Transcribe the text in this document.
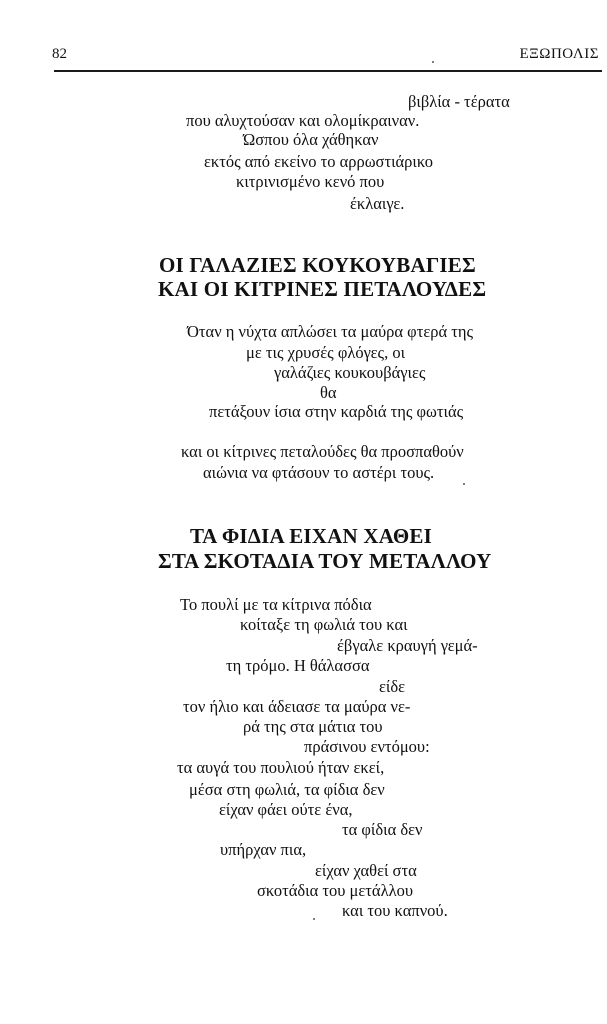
82	ΕΞΩΠΟΛΙΣ
βιβλία - τέρατα
που αλυχτούσαν και ολομίκραιναν.
Ώσπου όλα χάθηκαν
εκτός από εκείνο το αρρωστιάρικο
κιτρινισμένο κενό που
έκλαιγε.
ΟΙ ΓΑΛΑΖΙΕΣ ΚΟΥΚΟΥΒΑΓΙΕΣ
ΚΑΙ ΟΙ ΚΙΤΡΙΝΕΣ ΠΕΤΑΛΟΥΔΕΣ
Όταν η νύχτα απλώσει τα μαύρα φτερά της
με τις χρυσές φλόγες, οι
γαλάζιες κουκουβάγιες
θα
πετάξουν ίσια στην καρδιά της φωτιάς
και οι κίτρινες πεταλούδες θα προσπαθούν
αιώνια να φτάσουν το αστέρι τους.
ΤΑ ΦΙΔΙΑ ΕΙΧΑΝ ΧΑΘΕΙ
ΣΤΑ ΣΚΟΤΑΔΙΑ ΤΟΥ ΜΕΤΑΛΛΟΥ
Το πουλί με τα κίτρινα πόδια
κοίταξε τη φωλιά του και
έβγαλε κραυγή γεμά-
τη τρόμο. Η θάλασσα
είδε
τον ήλιο και άδειασε τα μαύρα νε-
ρά της στα μάτια του
πράσινου εντόμου:
τα αυγά του πουλιού ήταν εκεί,
μέσα στη φωλιά, τα φίδια δεν
είχαν φάει ούτε ένα,
τα φίδια δεν
υπήρχαν πια,
είχαν χαθεί στα
σκοτάδια του μετάλλου
και του καπνού.
